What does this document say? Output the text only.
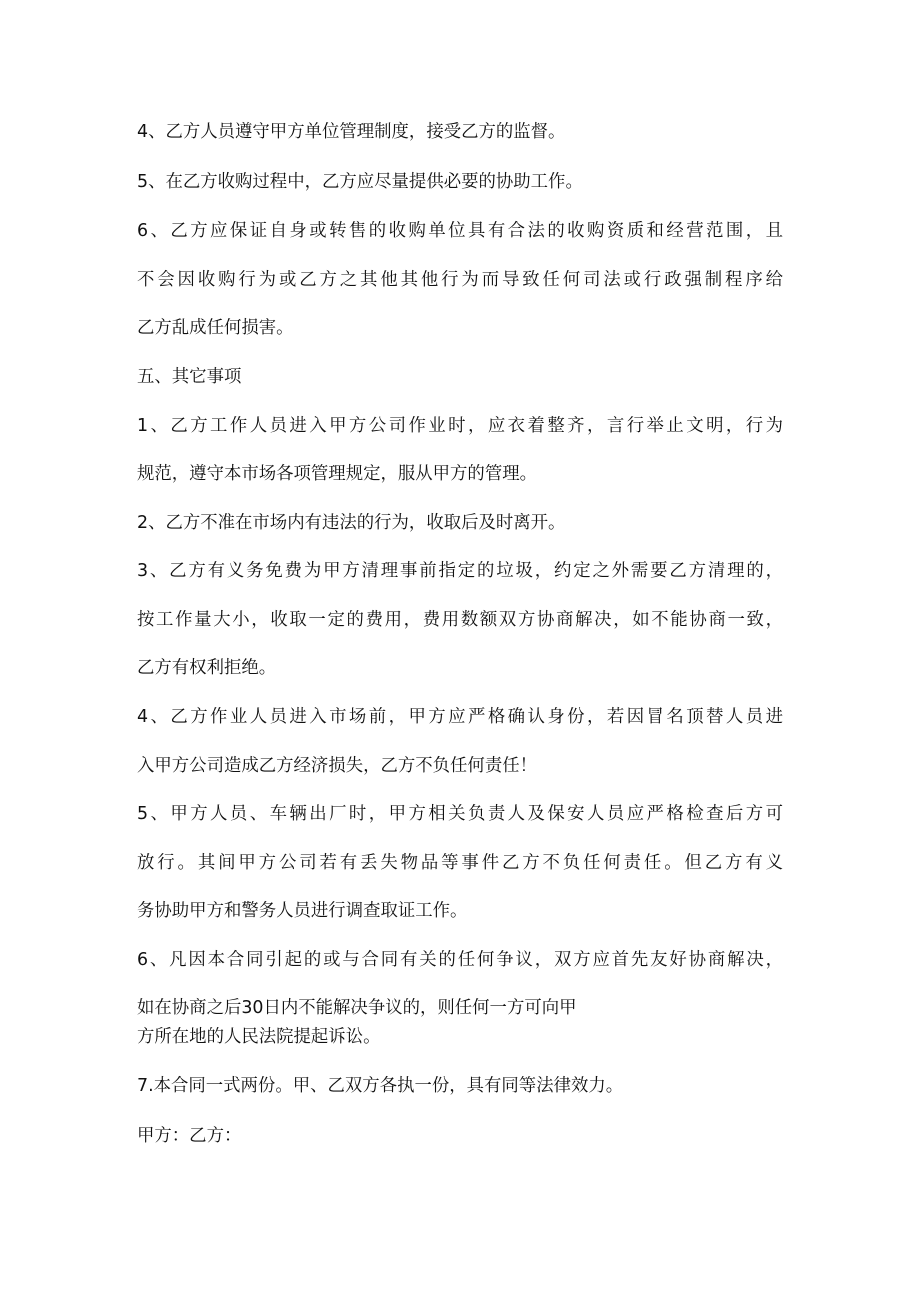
4、乙方人员遵守甲方单位管理制度，接受乙方的监督。
5、在乙方收购过程中，乙方应尽量提供必要的协助工作。
6、乙方应保证自身或转售的收购单位具有合法的收购资质和经营范围，且
不会因收购行为或乙方之其他其他行为而导致任何司法或行政强制程序给
乙方乱成任何损害。
五、其它事项
1、乙方工作人员进入甲方公司作业时，应衣着整齐，言行举止文明，行为
规范，遵守本市场各项管理规定，服从甲方的管理。
2、乙方不准在市场内有违法的行为，收取后及时离开。
3、乙方有义务免费为甲方清理事前指定的垃圾，约定之外需要乙方清理的，
按工作量大小，收取一定的费用，费用数额双方协商解决，如不能协商一致，
乙方有权利拒绝。
4、乙方作业人员进入市场前，甲方应严格确认身份，若因冒名顶替人员进
入甲方公司造成乙方经济损失，乙方不负任何责任！
5、甲方人员、车辆出厂时，甲方相关负责人及保安人员应严格检查后方可
放行。其间甲方公司若有丢失物品等事件乙方不负任何责任。但乙方有义
务协助甲方和警务人员进行调查取证工作。
6、凡因本合同引起的或与合同有关的任何争议，双方应首先友好协商解决，
如在协商之后30日内不能解决争议的，则任何一方可向甲
方所在地的人民法院提起诉讼。
7.本合同一式两份。甲、乙双方各执一份，具有同等法律效力。
甲方：乙方：
